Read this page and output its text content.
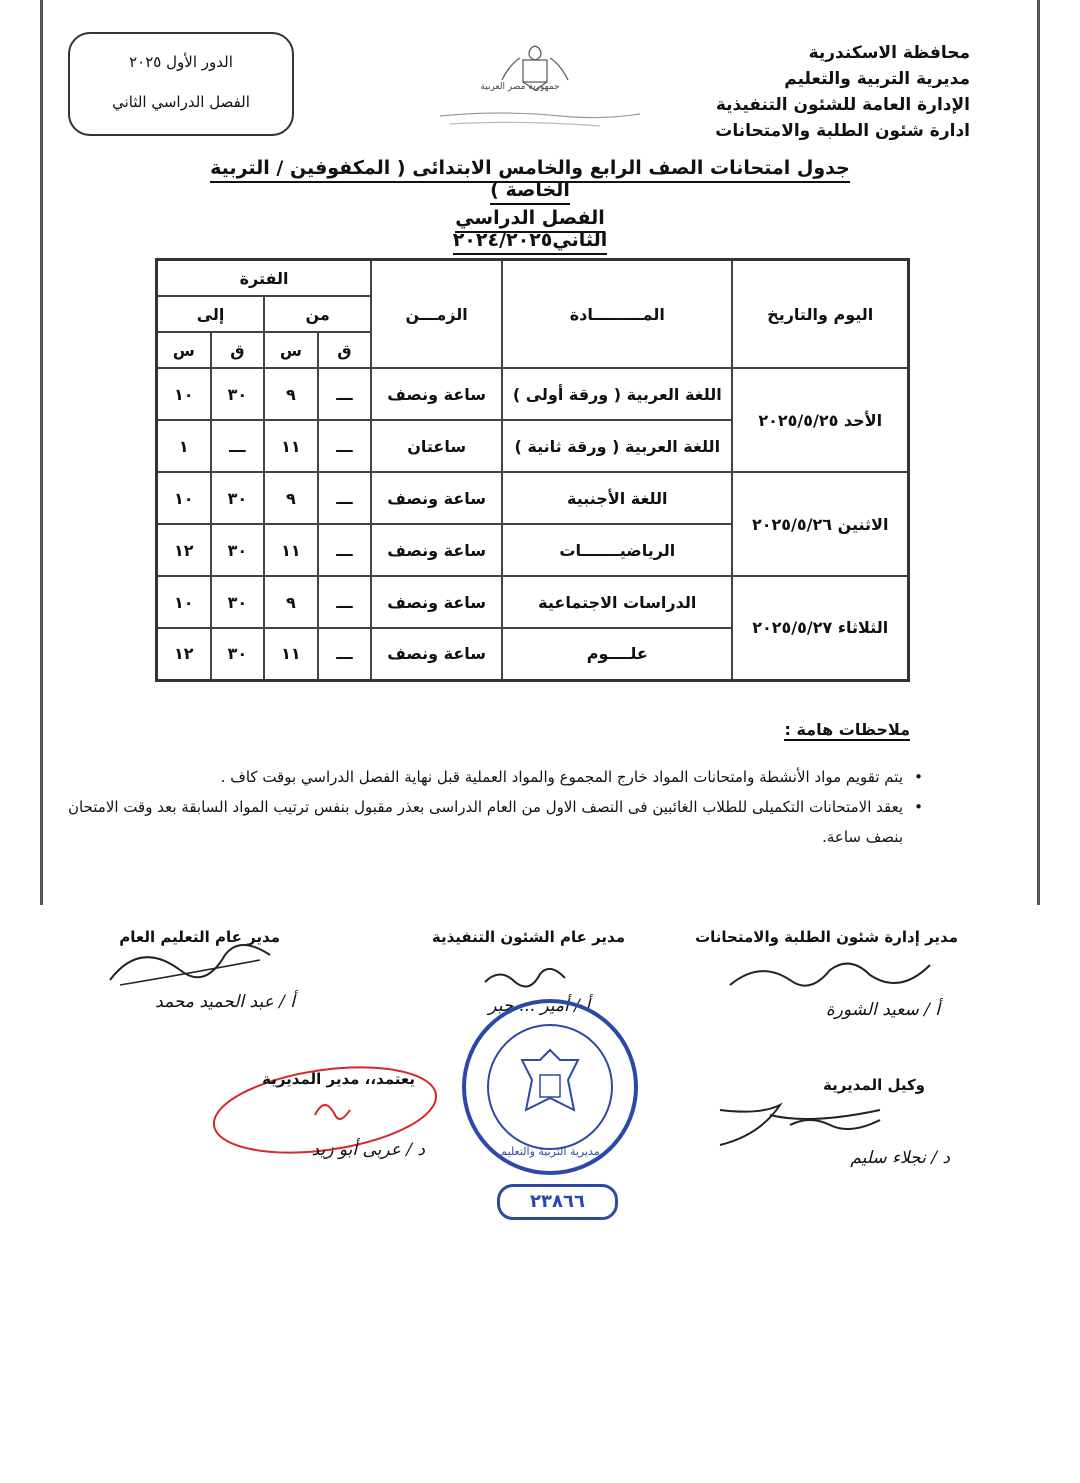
محافظة الاسكندرية
مديرية التربية والتعليم
الإدارة العامة للشئون التنفيذية
ادارة شئون الطلبة والامتحانات
جمهورية مصر العربية
الدور الأول ٢٠٢٥
الفصل الدراسي الثاني
جدول امتحانات الصف الرابع والخامس الابتدائى ( المكفوفين / التربية الخاصة )
الفصل الدراسي الثاني٢٠٢٤/٢٠٢٥
اليوم والتاريخ	المـــــــــادة	الزمـــن	الفترة			
			من		إلى	
			ق	س	ق	س
الأحد ٢٠٢٥/٥/٢٥	اللغة العربية ( ورقة أولى )	ساعة ونصف	ـــ	٩	٣٠	١٠
	اللغة العربية ( ورقة ثانية )	ساعتان	ـــ	١١	ـــ	١
الاثنين ٢٠٢٥/٥/٢٦	اللغة الأجنبية	ساعة ونصف	ـــ	٩	٣٠	١٠
	الرياضيـــــــات	ساعة ونصف	ـــ	١١	٣٠	١٢
الثلاثاء ٢٠٢٥/٥/٢٧	الدراسات الاجتماعية	ساعة ونصف	ـــ	٩	٣٠	١٠
	علــــوم	ساعة ونصف	ـــ	١١	٣٠	١٢
ملاحظات هامة :
• يتم تقويم مواد الأنشطة وامتحانات المواد خارج المجموع والمواد العملية قبل نهاية الفصل الدراسي بوقت كاف .
• يعقد الامتحانات التكميلى للطلاب الغائبين فى النصف الاول من العام الدراسى بعذر مقبول بنفس ترتيب المواد السابقة بعد وقت الامتحان بنصف ساعة.
مدير إدارة شئون الطلبة والامتحانات
أ / سعيد الشورة
مدير عام الشئون التنفيذية
أ / أمير ... جبر
مدير عام التعليم العام
أ / عبد الحميد محمد
مديرية التربية والتعليم
٢٣٨٦٦
وكيل المديرية
د / نجلاء سليم
يعتمد،، مدير المديرية
د / عربى أبو زيد
